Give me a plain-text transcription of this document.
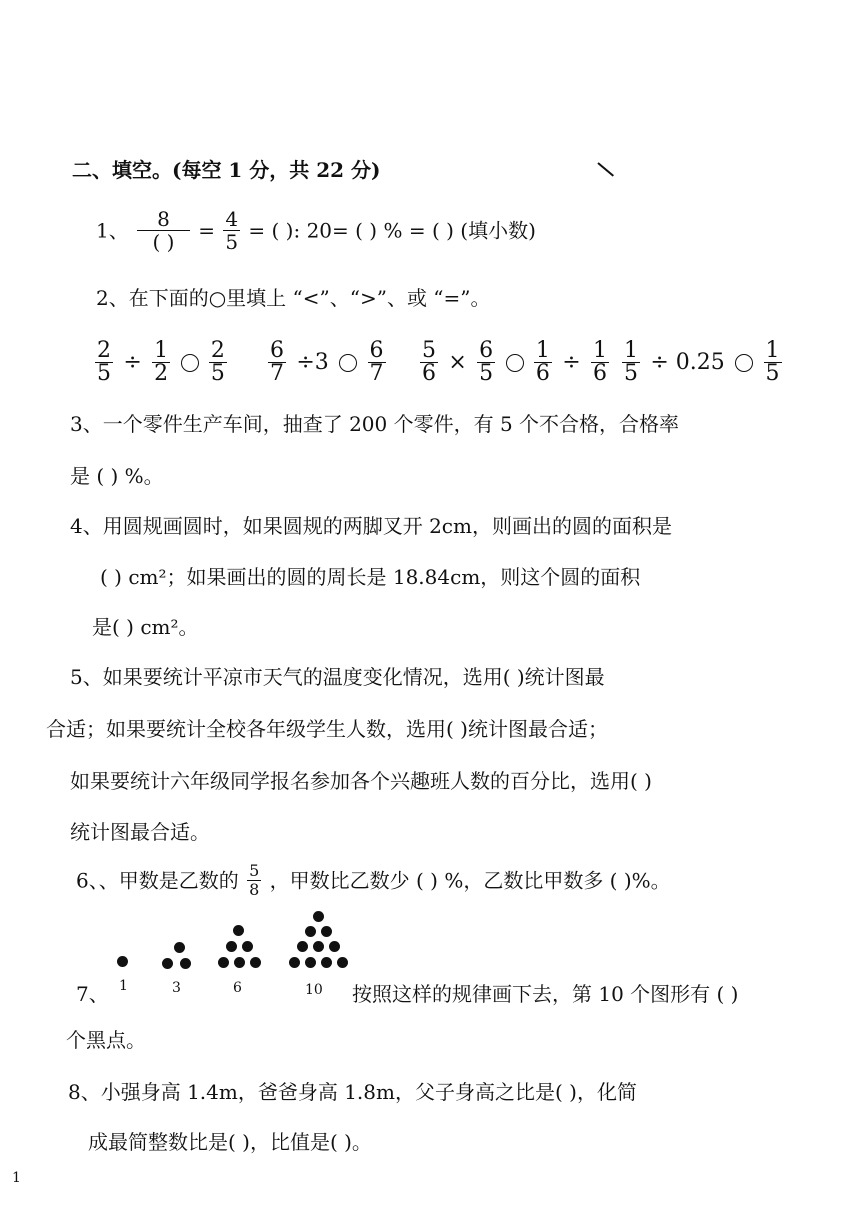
二、填空。(每空 1 分，共 22 分)
1、 $\frac{8}{( )} = \frac{4}{5}$ = ( ): 20= ( ) % = ( ) (填小数)
2、在下面的○里填上 “<”、“>”、或 “=”。
$\frac{2}{5} \div \frac{1}{2}$
$\frac{2}{5} \frac{6}{7} \div 3 \frac{6}{7} \frac{5}{6} \times \frac{6}{5}$
$\frac{1}{6} \div \frac{1}{6} \frac{1}{5} \div 0.25 \frac{1}{5}$
3、一个零件生产车间，抽查了 200 个零件，有 5 个不合格，合格率
是 ( ) %。
4、用圆规画圆时，如果圆规的两脚叉开 2cm，则画出的圆的面积是
( ) cm²；如果画出的圆的周长是 18.84cm，则这个圆的面积
是( ) cm²。
5、如果要统计平凉市天气的温度变化情况，选用( )统计图最
合适；如果要统计全校各年级学生人数，选用( )统计图最合适；
如果要统计六年级同学报名参加各个兴趣班人数的百分比，选用( )
统计图最合适。
6、、甲数是乙数的 $\frac{5}{8}$ ，甲数比乙数少 ( ) %，乙数比甲数多 ( )%。
7、 1	3	6	10 按照这样的规律画下去，第 10 个图形有 ( )
个黑点。
8、小强身高 1.4m，爸爸身高 1.8m，父子身高之比是( )，化简
成最简整数比是( )，比值是( )。
1
